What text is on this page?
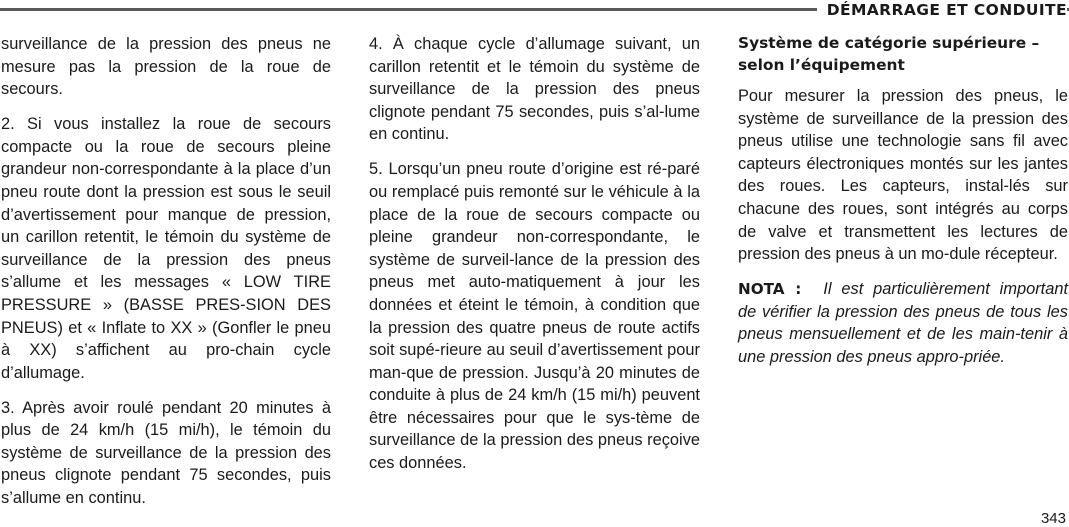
DÉMARRAGE ET CONDUITE

surveillance de la pression des pneus ne mesure pas la pression de la roue de secours.

2. Si vous installez la roue de secours compacte ou la roue de secours pleine grandeur non-correspondante à la place d’un pneu route dont la pression est sous le seuil d’avertissement pour manque de pression, un carillon retentit, le témoin du système de surveillance de la pression des pneus s’allume et les messages « LOW TIRE PRESSURE » (BASSE PRES-SION DES PNEUS) et « Inflate to XX » (Gonfler le pneu à XX) s’affichent au pro-chain cycle d’allumage.

3. Après avoir roulé pendant 20 minutes à plus de 24 km/h (15 mi/h), le témoin du système de surveillance de la pression des pneus clignote pendant 75 secondes, puis s’allume en continu.

4. À chaque cycle d’allumage suivant, un carillon retentit et le témoin du système de surveillance de la pression des pneus clignote pendant 75 secondes, puis s’al-lume en continu.

5. Lorsqu’un pneu route d’origine est ré-paré ou remplacé puis remonté sur le véhicule à la place de la roue de secours compacte ou pleine grandeur non-correspondante, le système de surveil-lance de la pression des pneus met auto-matiquement à jour les données et éteint le témoin, à condition que la pression des quatre pneus de route actifs soit supé-rieure au seuil d’avertissement pour man-que de pression. Jusqu’à 20 minutes de conduite à plus de 24 km/h (15 mi/h) peuvent être nécessaires pour que le sys-tème de surveillance de la pression des pneus reçoive ces données.

Système de catégorie supérieure –
selon l’équipement

Pour mesurer la pression des pneus, le système de surveillance de la pression des pneus utilise une technologie sans fil avec capteurs électroniques montés sur les jantes des roues. Les capteurs, instal-lés sur chacune des roues, sont intégrés au corps de valve et transmettent les lectures de pression des pneus à un mo-dule récepteur.

NOTA : Il est particulièrement important de vérifier la pression des pneus de tous les pneus mensuellement et de les main-tenir à une pression des pneus appro-priée.

343
